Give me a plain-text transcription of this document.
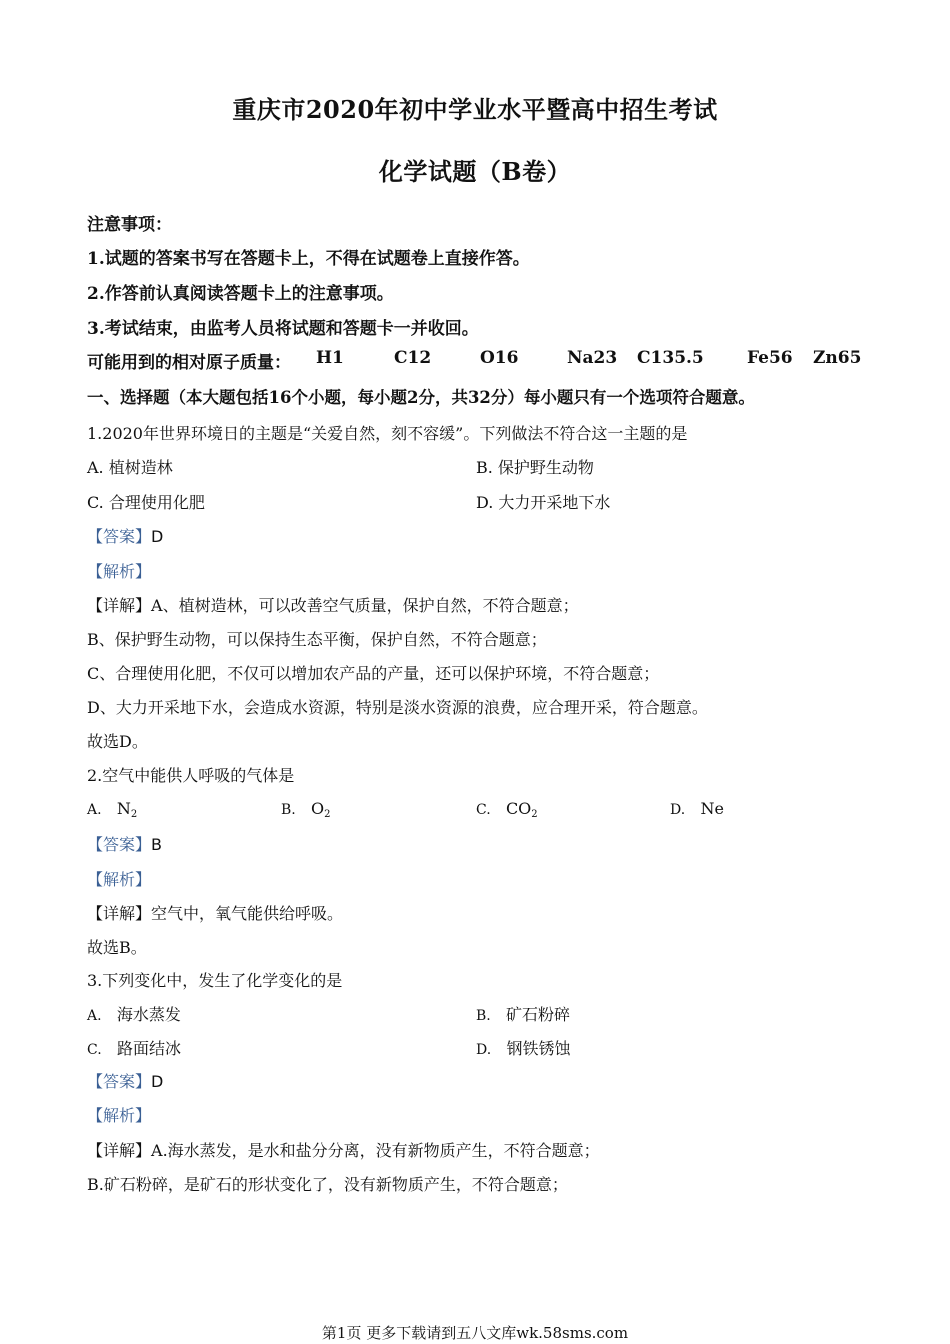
重庆市2020年初中学业水平暨高中招生考试
化学试题（B卷）
注意事项：
1.试题的答案书写在答题卡上，不得在试题卷上直接作答。
2.作答前认真阅读答题卡上的注意事项。
3.考试结束，由监考人员将试题和答题卡一并收回。
可能用到的相对原子质量： H1	C12	O16	Na23 C135.5	Fe56 Zn65
一、选择题（本大题包括16个小题，每小题2分，共32分）每小题只有一个选项符合题意。
1.2020年世界环境日的主题是“关爱自然，刻不容缓”。下列做法不符合这一主题的是
A. 植树造林	B. 保护野生动物
C. 合理使用化肥	D. 大力开采地下水
【答案】D
【解析】
【详解】A、植树造林，可以改善空气质量，保护自然，不符合题意；
B、保护野生动物，可以保持生态平衡，保护自然，不符合题意；
C、合理使用化肥，不仅可以增加农产品的产量，还可以保护环境，不符合题意；
D、大力开采地下水，会造成水资源，特别是淡水资源的浪费，应合理开采，符合题意。
故选D。
2.空气中能供人呼吸的气体是
A. $N_2$	B. $O_2$	C. $CO_2$	D. Ne
【答案】B
【解析】
【详解】空气中，氧气能供给呼吸。
故选B。
3.下列变化中，发生了化学变化的是
A. 海水蒸发	B. 矿石粉碎
C. 路面结冰	D. 钢铁锈蚀
【答案】D
【解析】
【详解】A.海水蒸发，是水和盐分分离，没有新物质产生，不符合题意；
B.矿石粉碎，是矿石的形状变化了，没有新物质产生，不符合题意；
第1页 更多下载请到五八文库wk.58sms.com
